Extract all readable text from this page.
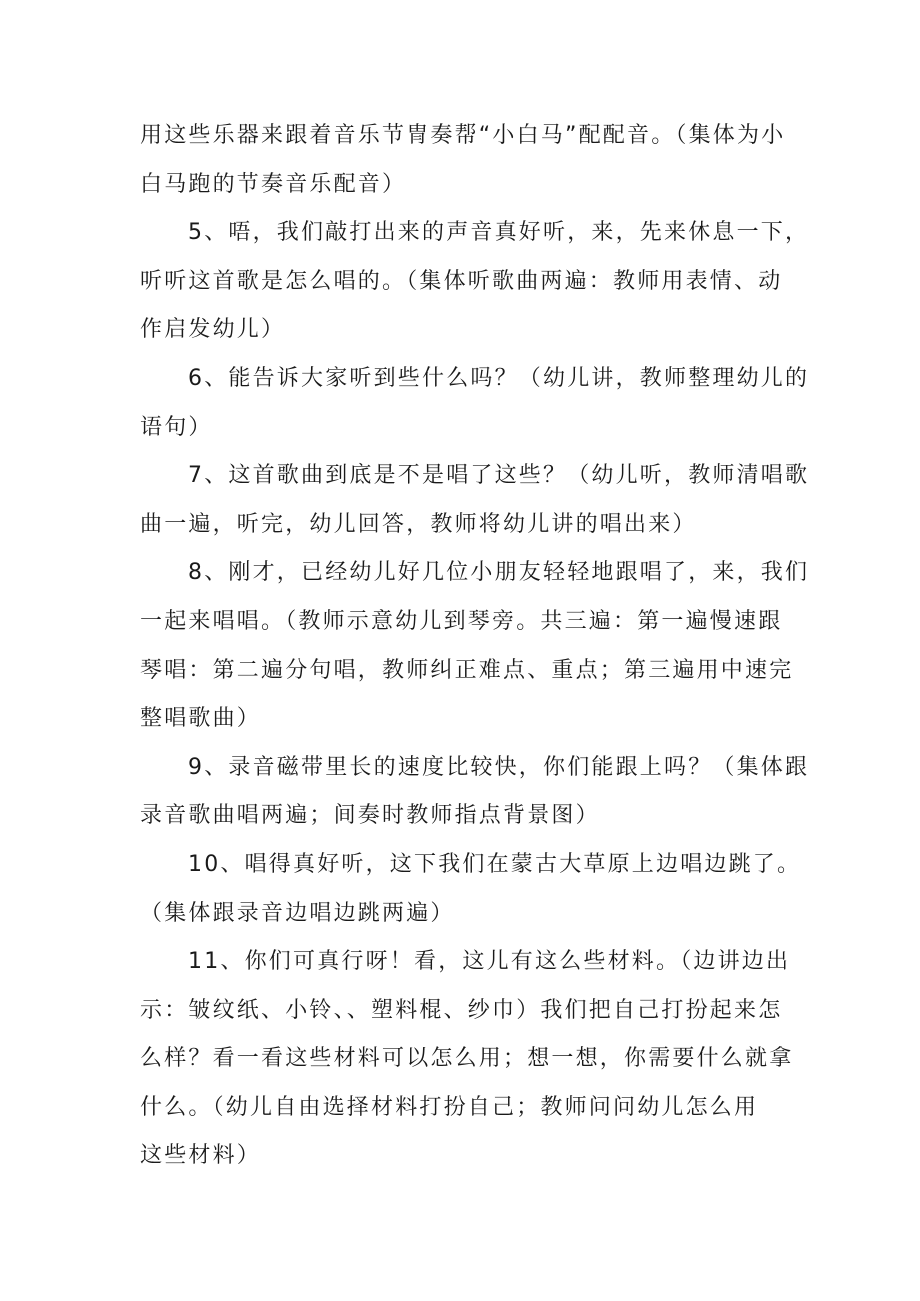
用这些乐器来跟着音乐节冑奏帮“小白马”配配音。（集体为小
白马跑的节奏音乐配音）
5、唔，我们敲打出来的声音真好听，来，先来休息一下，
听听这首歌是怎么唱的。（集体听歌曲两遍：教师用表情、动
作启发幼儿）
6、能告诉大家听到些什么吗？（幼儿讲，教师整理幼儿的
语句）
7、这首歌曲到底是不是唱了这些？（幼儿听，教师清唱歌
曲一遍，听完，幼儿回答，教师将幼儿讲的唱出来）
8、刚才，已经幼儿好几位小朋友轻轻地跟唱了，来，我们
一起来唱唱。（教师示意幼儿到琴旁。共三遍：第一遍慢速跟
琴唱：第二遍分句唱，教师纠正难点、重点；第三遍用中速完
整唱歌曲）
9、录音磁带里长的速度比较快，你们能跟上吗？（集体跟
录音歌曲唱两遍；间奏时教师指点背景图）
10、唱得真好听，这下我们在蒙古大草原上边唱边跳了。
（集体跟录音边唱边跳两遍）
11、你们可真行呀！看，这儿有这么些材料。（边讲边出
示：皱纹纸、小铃、、塑料棍、纱巾）我们把自己打扮起来怎
么样？看一看这些材料可以怎么用；想一想，你需要什么就拿
什么。（幼儿自由选择材料打扮自己；教师问问幼儿怎么用
这些材料）
